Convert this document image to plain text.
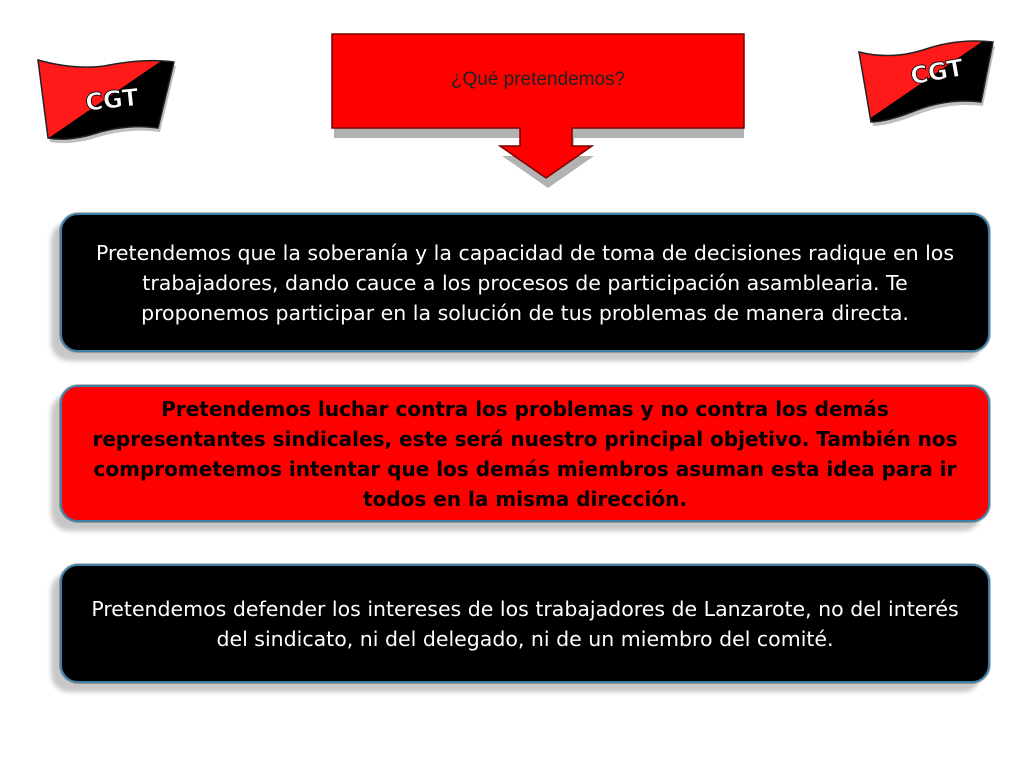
CGT
CGT
¿Qué pretendemos?
Pretendemos que la soberanía y la capacidad de toma de decisiones radique en los trabajadores, dando cauce a los procesos de participación asamblearia. Te proponemos participar en la solución de tus problemas de manera directa.
Pretendemos luchar contra los problemas y no contra los demás representantes sindicales, este será nuestro principal objetivo. También nos comprometemos intentar que los demás miembros asuman esta idea para ir todos en la misma dirección.
Pretendemos defender los intereses de los trabajadores de Lanzarote, no del interés del sindicato, ni del delegado, ni de un miembro del comité.
